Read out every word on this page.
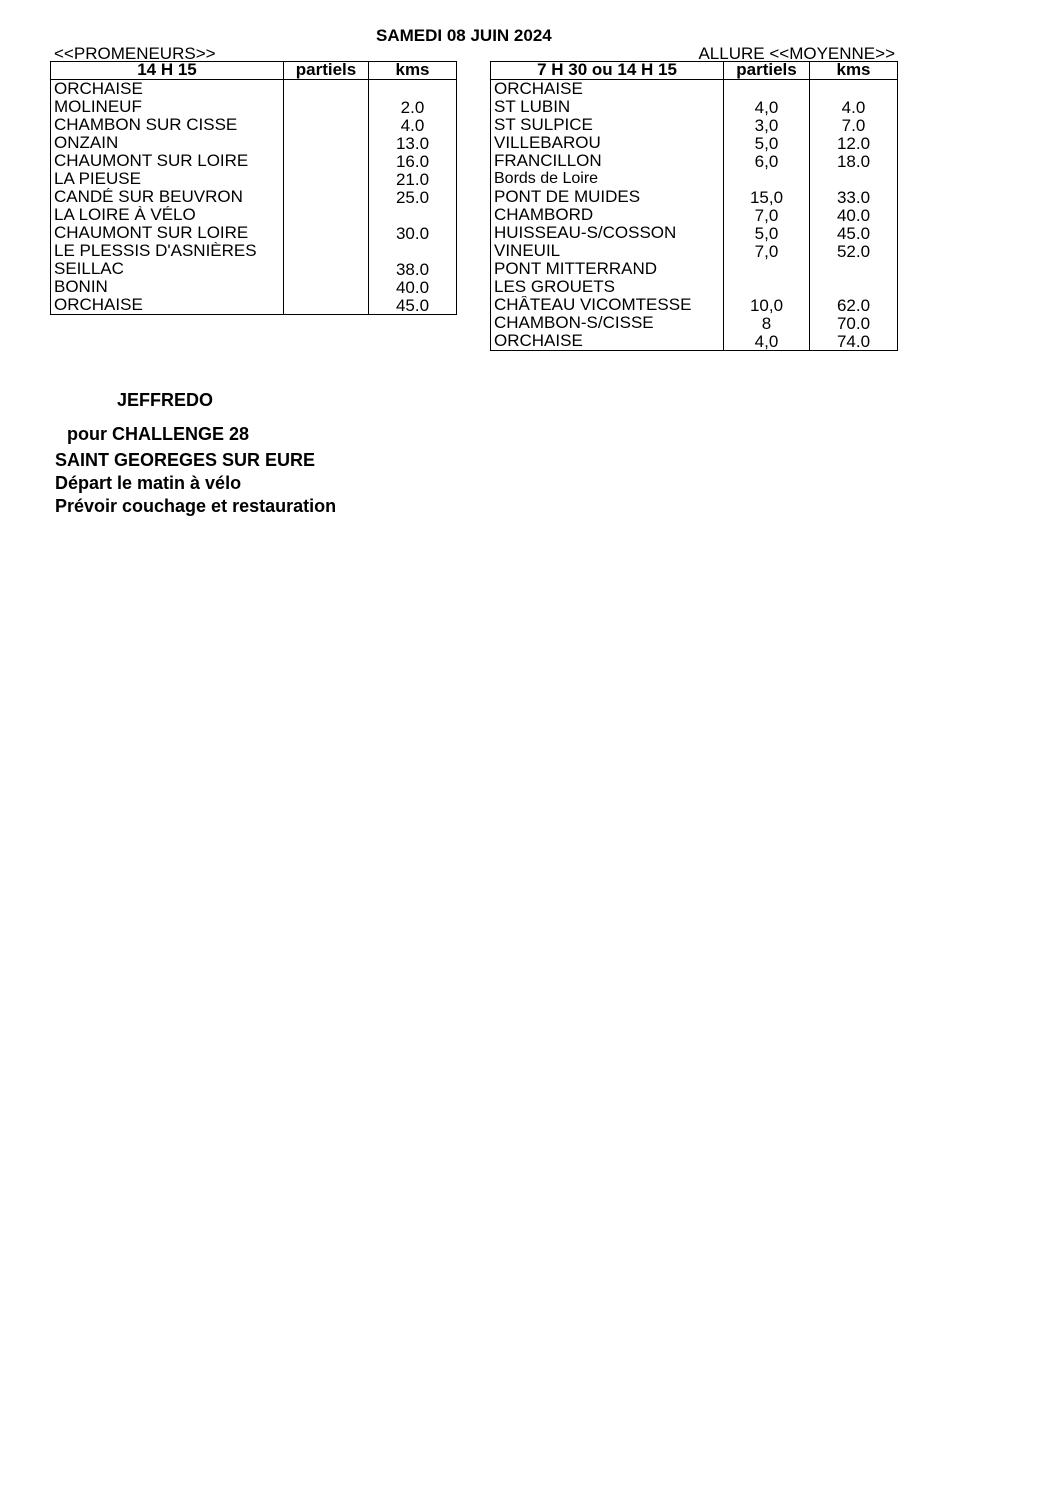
SAMEDI 08 JUIN 2024
<<PROMENEURS>>	ALLURE <<MOYENNE>>
14 H 15	partiels	kms
ORCHAISE		
MOLINEUF		2.0
CHAMBON SUR CISSE		4.0
ONZAIN		13.0
CHAUMONT SUR LOIRE		16.0
LA PIEUSE		21.0
CANDÉ SUR BEUVRON		25.0
LA LOIRE À VÉLO		
CHAUMONT SUR LOIRE		30.0
LE PLESSIS D'ASNIÈRES		
SEILLAC		38.0
BONIN		40.0
ORCHAISE		45.0
7 H 30 ou 14 H 15	partiels	kms
ORCHAISE		
ST LUBIN	4,0	4.0
ST SULPICE	3,0	7.0
VILLEBAROU	5,0	12.0
FRANCILLON	6,0	18.0
Bords de Loire		
PONT DE MUIDES	15,0	33.0
CHAMBORD	7,0	40.0
HUISSEAU-S/COSSON	5,0	45.0
VINEUIL	7,0	52.0
PONT MITTERRAND		
LES GROUETS		
CHÂTEAU VICOMTESSE	10,0	62.0
CHAMBON-S/CISSE	8	70.0
ORCHAISE	4,0	74.0
JEFFREDO
pour CHALLENGE 28
SAINT GEOREGES SUR EURE
Départ le matin à vélo
Prévoir couchage et restauration
